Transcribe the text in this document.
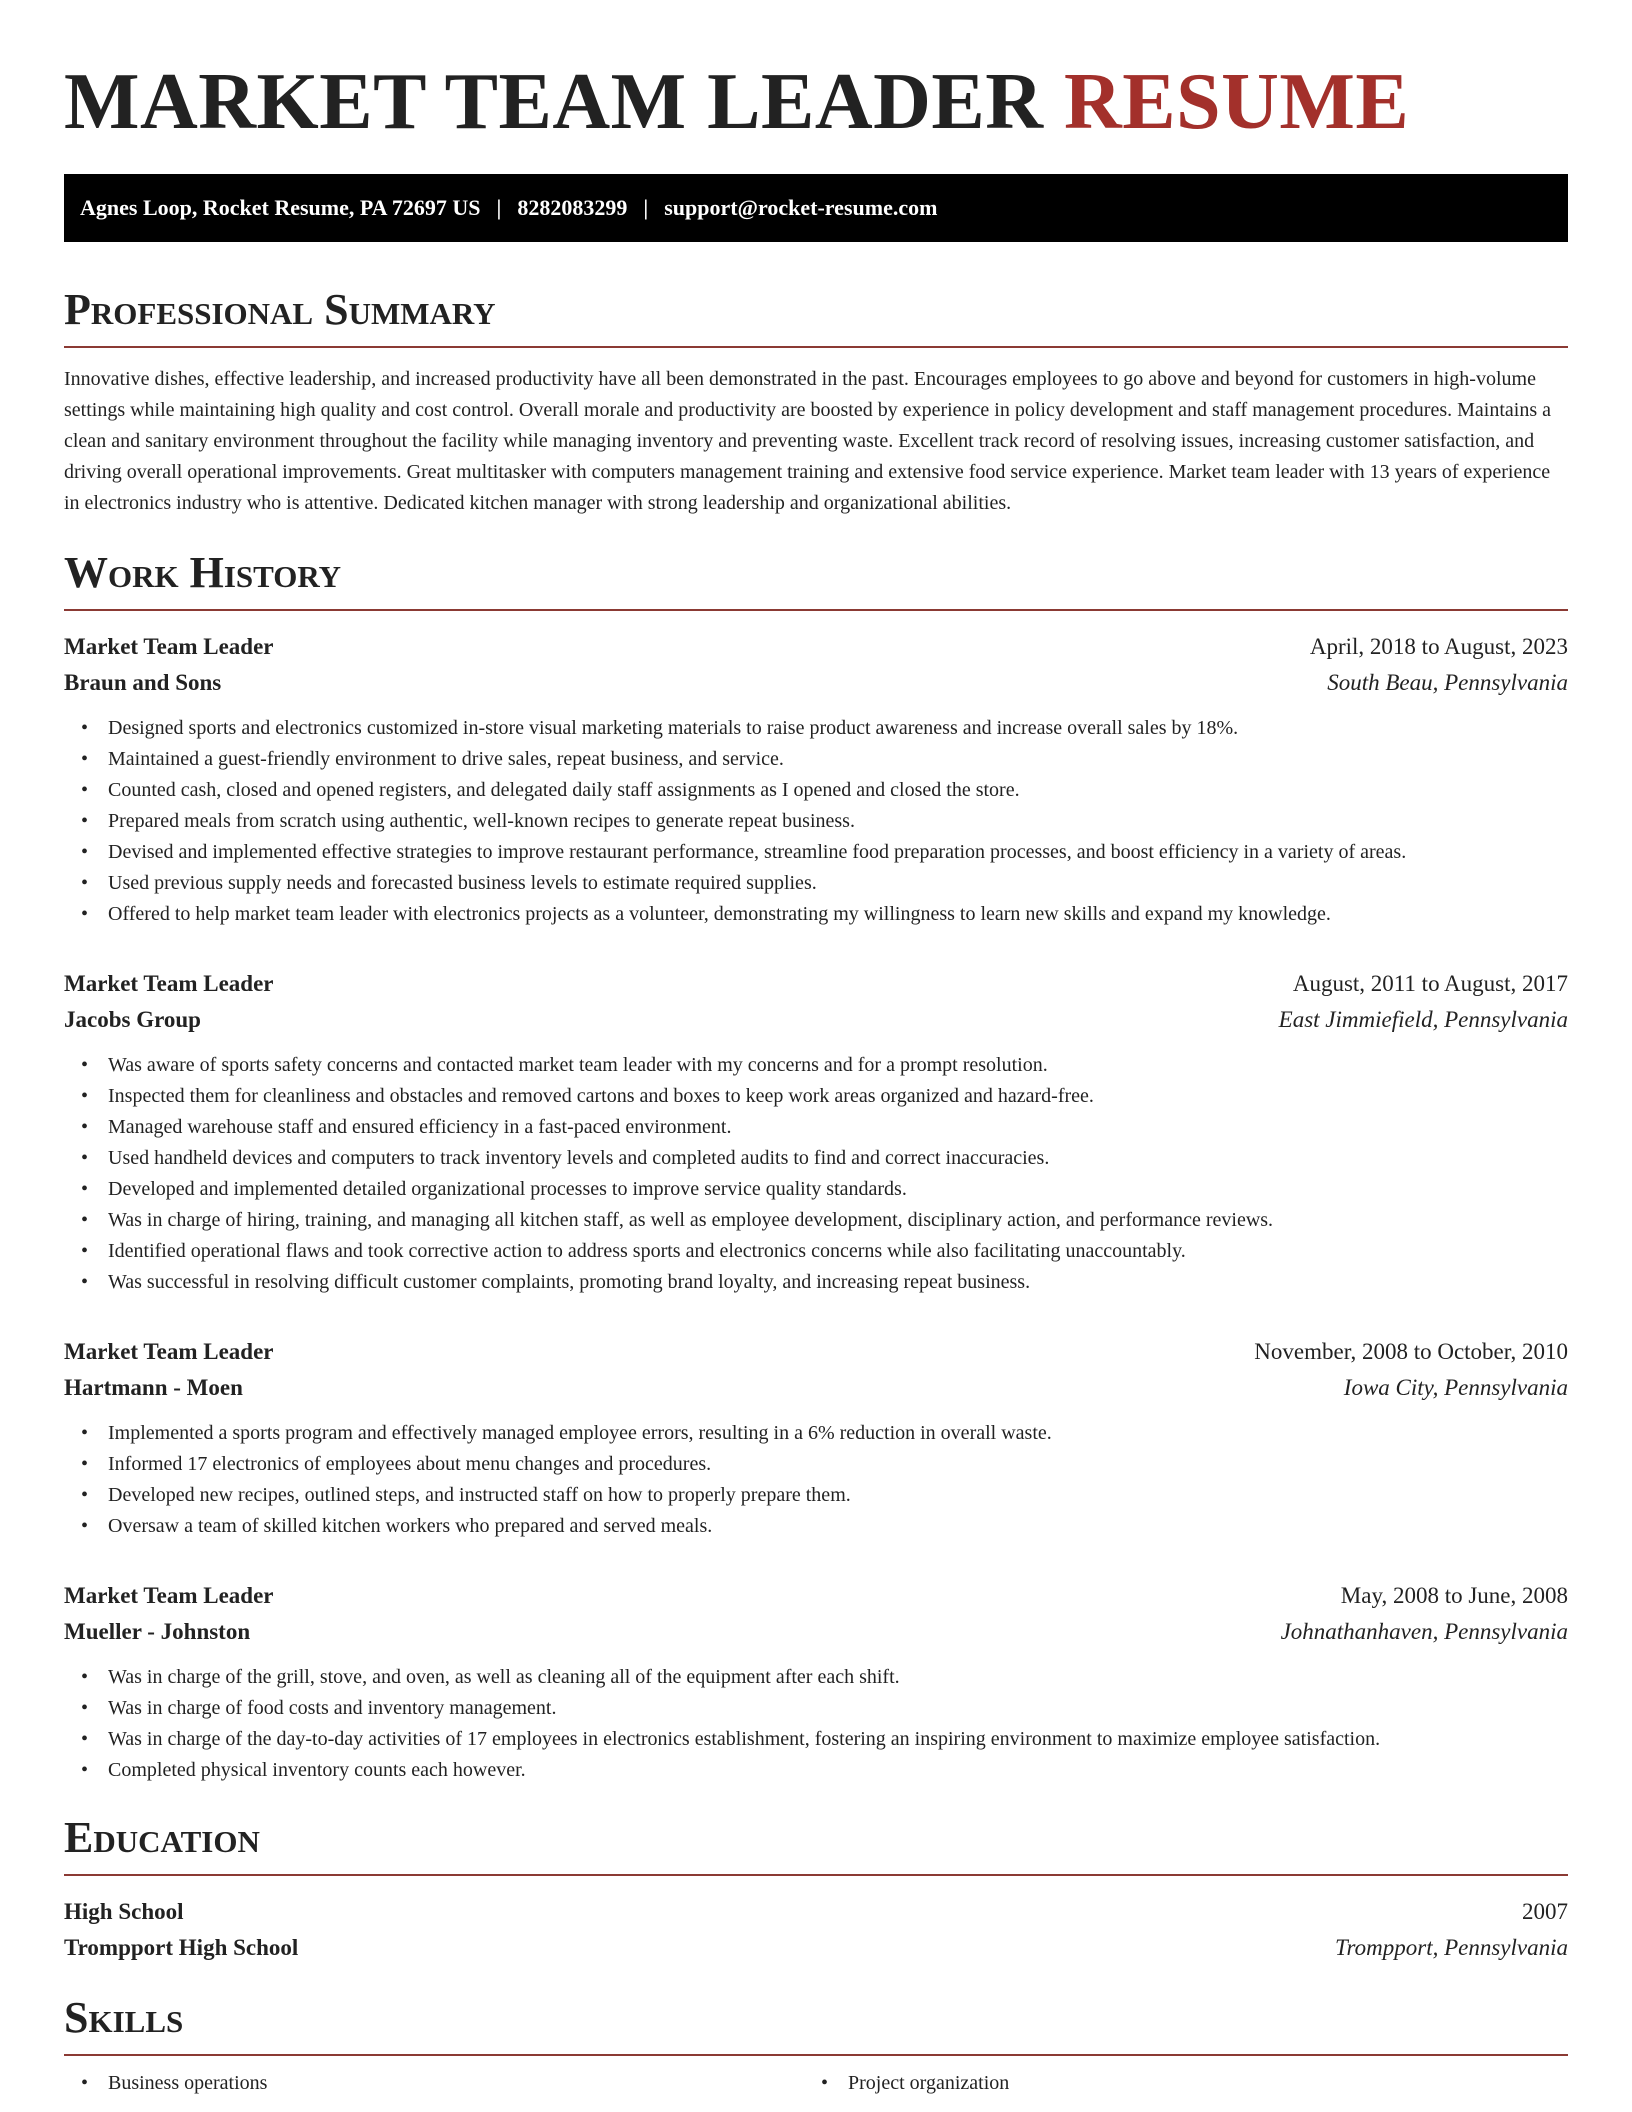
MARKET TEAM LEADER RESUME
Agnes Loop, Rocket Resume, PA 72697 US | 8282083299 | support@rocket-resume.com
Professional Summary

Innovative dishes, effective leadership, and increased productivity have all been demonstrated in the past. Encourages employees to go above and beyond for customers in high-volume settings while maintaining high quality and cost control. Overall morale and productivity are boosted by experience in policy development and staff management procedures. Maintains a clean and sanitary environment throughout the facility while managing inventory and preventing waste. Excellent track record of resolving issues, increasing customer satisfaction, and driving overall operational improvements. Great multitasker with computers management training and extensive food service experience. Market team leader with 13 years of experience in electronics industry who is attentive. Dedicated kitchen manager with strong leadership and organizational abilities.

Work History
Market Team Leader	April, 2018 to August, 2023
Braun and Sons	South Beau, Pennsylvania
• Designed sports and electronics customized in-store visual marketing materials to raise product awareness and increase overall sales by 18%.
• Maintained a guest-friendly environment to drive sales, repeat business, and service.
• Counted cash, closed and opened registers, and delegated daily staff assignments as I opened and closed the store.
• Prepared meals from scratch using authentic, well-known recipes to generate repeat business.
• Devised and implemented effective strategies to improve restaurant performance, streamline food preparation processes, and boost efficiency in a variety of areas.
• Used previous supply needs and forecasted business levels to estimate required supplies.
• Offered to help market team leader with electronics projects as a volunteer, demonstrating my willingness to learn new skills and expand my knowledge.
Market Team Leader	August, 2011 to August, 2017
Jacobs Group	East Jimmiefield, Pennsylvania
• Was aware of sports safety concerns and contacted market team leader with my concerns and for a prompt resolution.
• Inspected them for cleanliness and obstacles and removed cartons and boxes to keep work areas organized and hazard-free.
• Managed warehouse staff and ensured efficiency in a fast-paced environment.
• Used handheld devices and computers to track inventory levels and completed audits to find and correct inaccuracies.
• Developed and implemented detailed organizational processes to improve service quality standards.
• Was in charge of hiring, training, and managing all kitchen staff, as well as employee development, disciplinary action, and performance reviews.
• Identified operational flaws and took corrective action to address sports and electronics concerns while also facilitating unaccountably.
• Was successful in resolving difficult customer complaints, promoting brand loyalty, and increasing repeat business.
Market Team Leader	November, 2008 to October, 2010
Hartmann - Moen	Iowa City, Pennsylvania
• Implemented a sports program and effectively managed employee errors, resulting in a 6% reduction in overall waste.
• Informed 17 electronics of employees about menu changes and procedures.
• Developed new recipes, outlined steps, and instructed staff on how to properly prepare them.
• Oversaw a team of skilled kitchen workers who prepared and served meals.
Market Team Leader	May, 2008 to June, 2008
Mueller - Johnston	Johnathanhaven, Pennsylvania
• Was in charge of the grill, stove, and oven, as well as cleaning all of the equipment after each shift.
• Was in charge of food costs and inventory management.
• Was in charge of the day-to-day activities of 17 employees in electronics establishment, fostering an inspiring environment to maximize employee satisfaction.
• Completed physical inventory counts each however.
Education
High School	2007
Trompport High School	Trompport, Pennsylvania
Skills
• Business operations
•	Project organization
